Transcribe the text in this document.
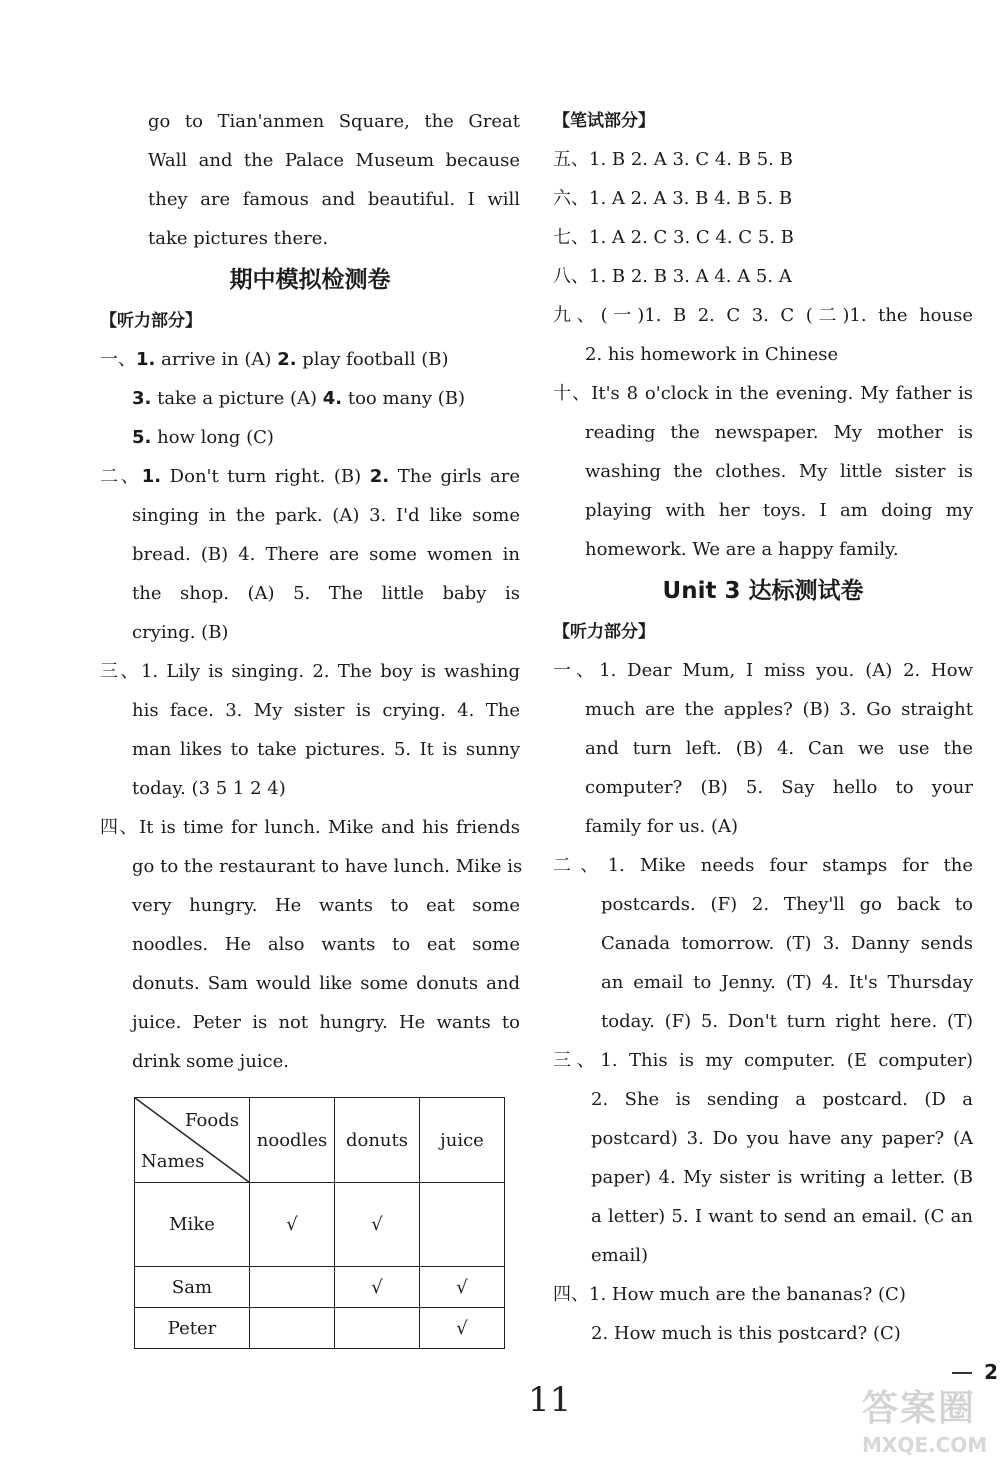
go to Tian'anmen Square, the Great
Wall and the Palace Museum because
they are famous and beautiful. I will
take pictures there.
期中模拟检测卷
【听力部分】
一、1. arrive in (A) 2. play football (B)
3. take a picture (A) 4. too many (B)
5. how long (C)
二、1. Don't turn right. (B) 2. The girls are
singing in the park. (A) 3. I'd like some
bread. (B) 4. There are some women in
the shop. (A) 5. The little baby is
crying. (B)
三、1. Lily is singing. 2. The boy is washing
his face. 3. My sister is crying. 4. The
man likes to take pictures. 5. It is sunny
today. (3 5 1 2 4)
四、It is time for lunch. Mike and his friends
go to the restaurant to have lunch. Mike is
very hungry. He wants to eat some
noodles. He also wants to eat some
donuts. Sam would like some donuts and
juice. Peter is not hungry. He wants to
drink some juice.
Foods
Names	noodles	donuts	juice
Mike	√	√	
Sam		√	√
Peter			√
【笔试部分】
五、1. B 2. A 3. C 4. B 5. B
六、1. A 2. A 3. B 4. B 5. B
七、1. A 2. C 3. C 4. C 5. B
八、1. B 2. B 3. A 4. A 5. A
九、(一)1. B 2. C 3. C (二)1. the house
2. his homework in Chinese
十、It's 8 o'clock in the evening. My father is
reading the newspaper. My mother is
washing the clothes. My little sister is
playing with her toys. I am doing my
homework. We are a happy family.
Unit 3 达标测试卷
【听力部分】
一、1. Dear Mum, I miss you. (A) 2. How
much are the apples? (B) 3. Go straight
and turn left. (B) 4. Can we use the
computer? (B) 5. Say hello to your
family for us. (A)
二、1. Mike needs four stamps for the
postcards. (F) 2. They'll go back to
Canada tomorrow. (T) 3. Danny sends
an email to Jenny. (T) 4. It's Thursday
today. (F) 5. Don't turn right here. (T)
三、1. This is my computer. (E computer)
2. She is sending a postcard. (D a
postcard) 3. Do you have any paper? (A
paper) 4. My sister is writing a letter. (B
a letter) 5. I want to send an email. (C an
email)
四、1. How much are the bananas? (C)
2. How much is this postcard? (C)
2
11	答案圈
MXQE.COM
